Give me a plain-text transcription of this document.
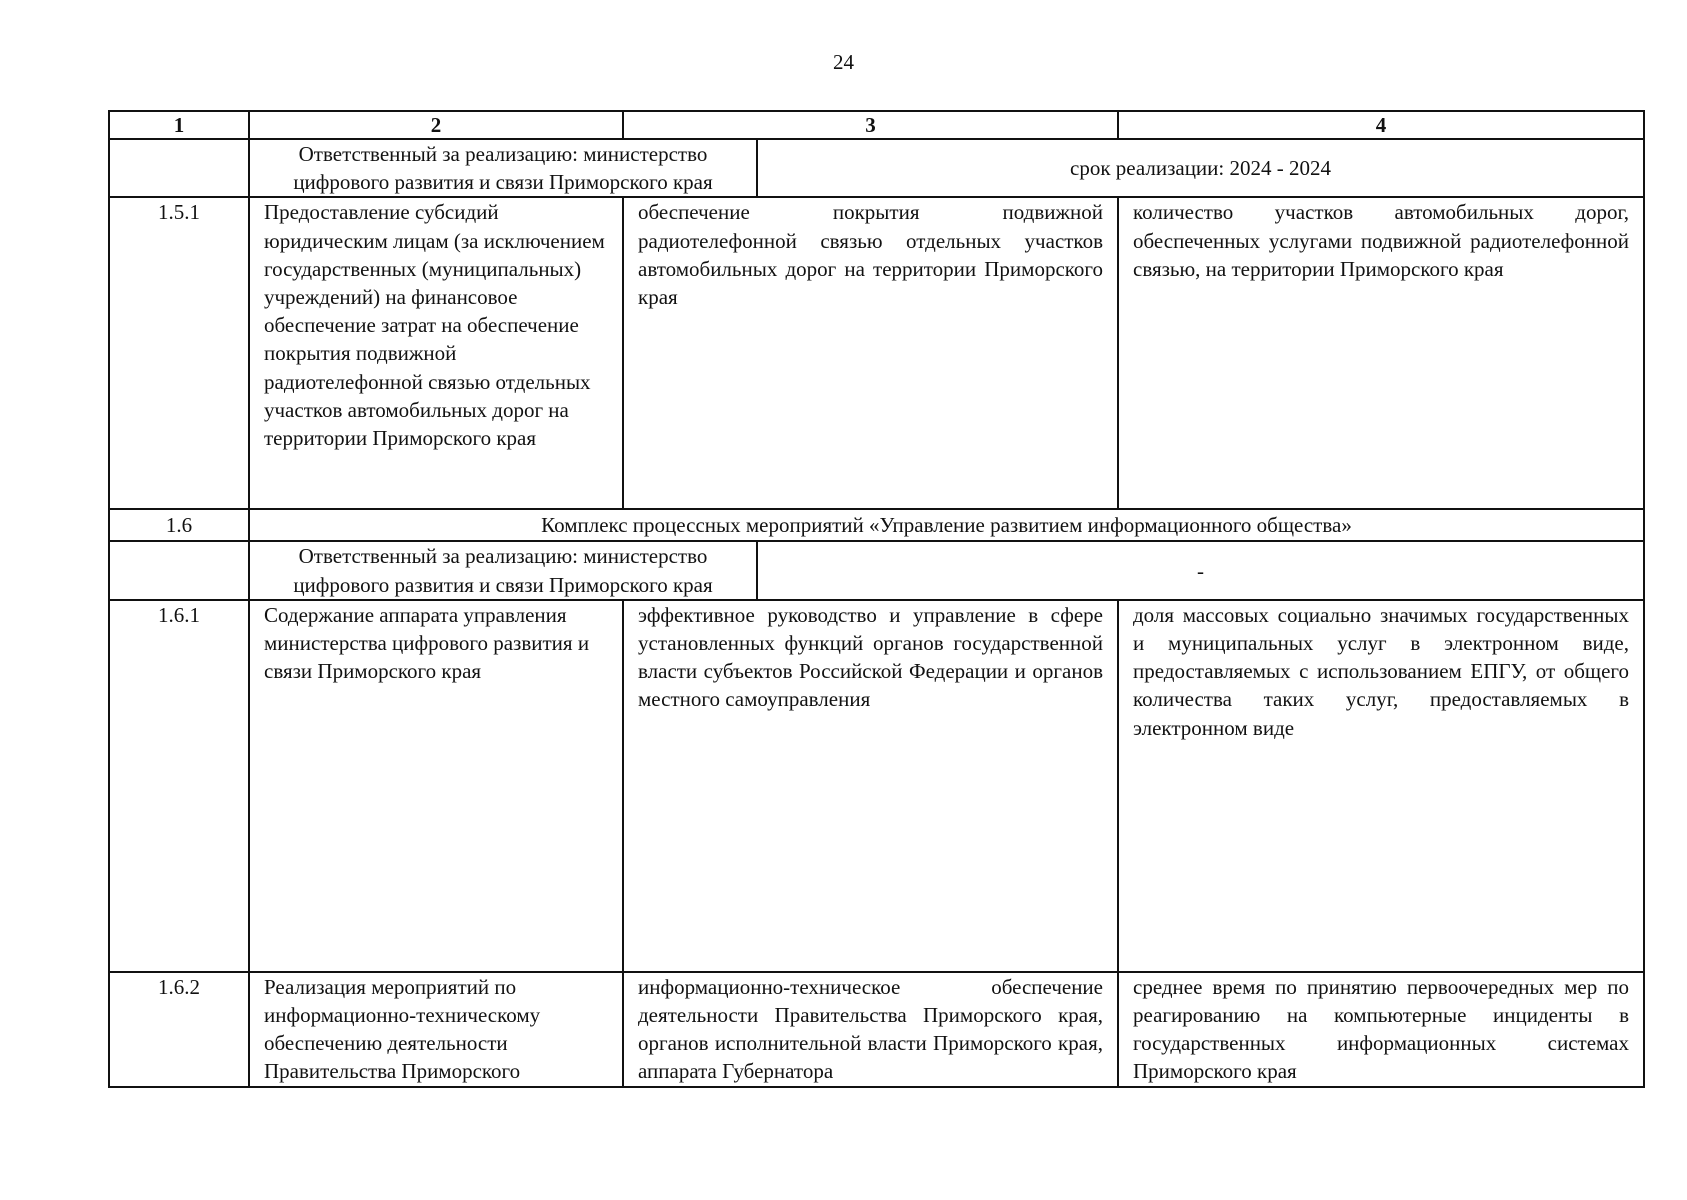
24
1	2	3		4
	Ответственный за реализацию: министерство цифрового развития и связи Приморского края		срок реализации: 2024 - 2024	
1.5.1	Предоставление субсидий юридическим лицам (за исключением государственных (муниципальных) учреждений) на финансовое обеспечение затрат на обеспечение покрытия подвижной радиотелефонной связью отдельных участков автомобильных дорог на территории Приморского края	обеспечение покрытия подвижной радиотелефонной связью отдельных участков автомобильных дорог на территории Приморского края		количество участков автомобильных дорог, обеспеченных услугами подвижной радиотелефонной связью, на территории Приморского края
1.6	Комплекс процессных мероприятий «Управление развитием информационного общества»			
	Ответственный за реализацию: министерство цифрового развития и связи Приморского края		-	
1.6.1	Содержание аппарата управления министерства цифрового развития и связи Приморского края	эффективное руководство и управление в сфере установленных функций органов государственной власти субъектов Российской Федерации и органов местного самоуправления		доля массовых социально значимых государственных и муниципальных услуг в электронном виде, предоставляемых с использованием ЕПГУ, от общего количества таких услуг, предоставляемых в электронном виде
1.6.2	Реализация мероприятий по информационно-техническому обеспечению деятельности Правительства Приморского	информационно-техническое обеспечение деятельности Правительства Приморского края, органов исполнительной власти Приморского края, аппарата Губернатора		среднее время по принятию первоочередных мер по реагированию на компьютерные инциденты в государственных информационных системах Приморского края
